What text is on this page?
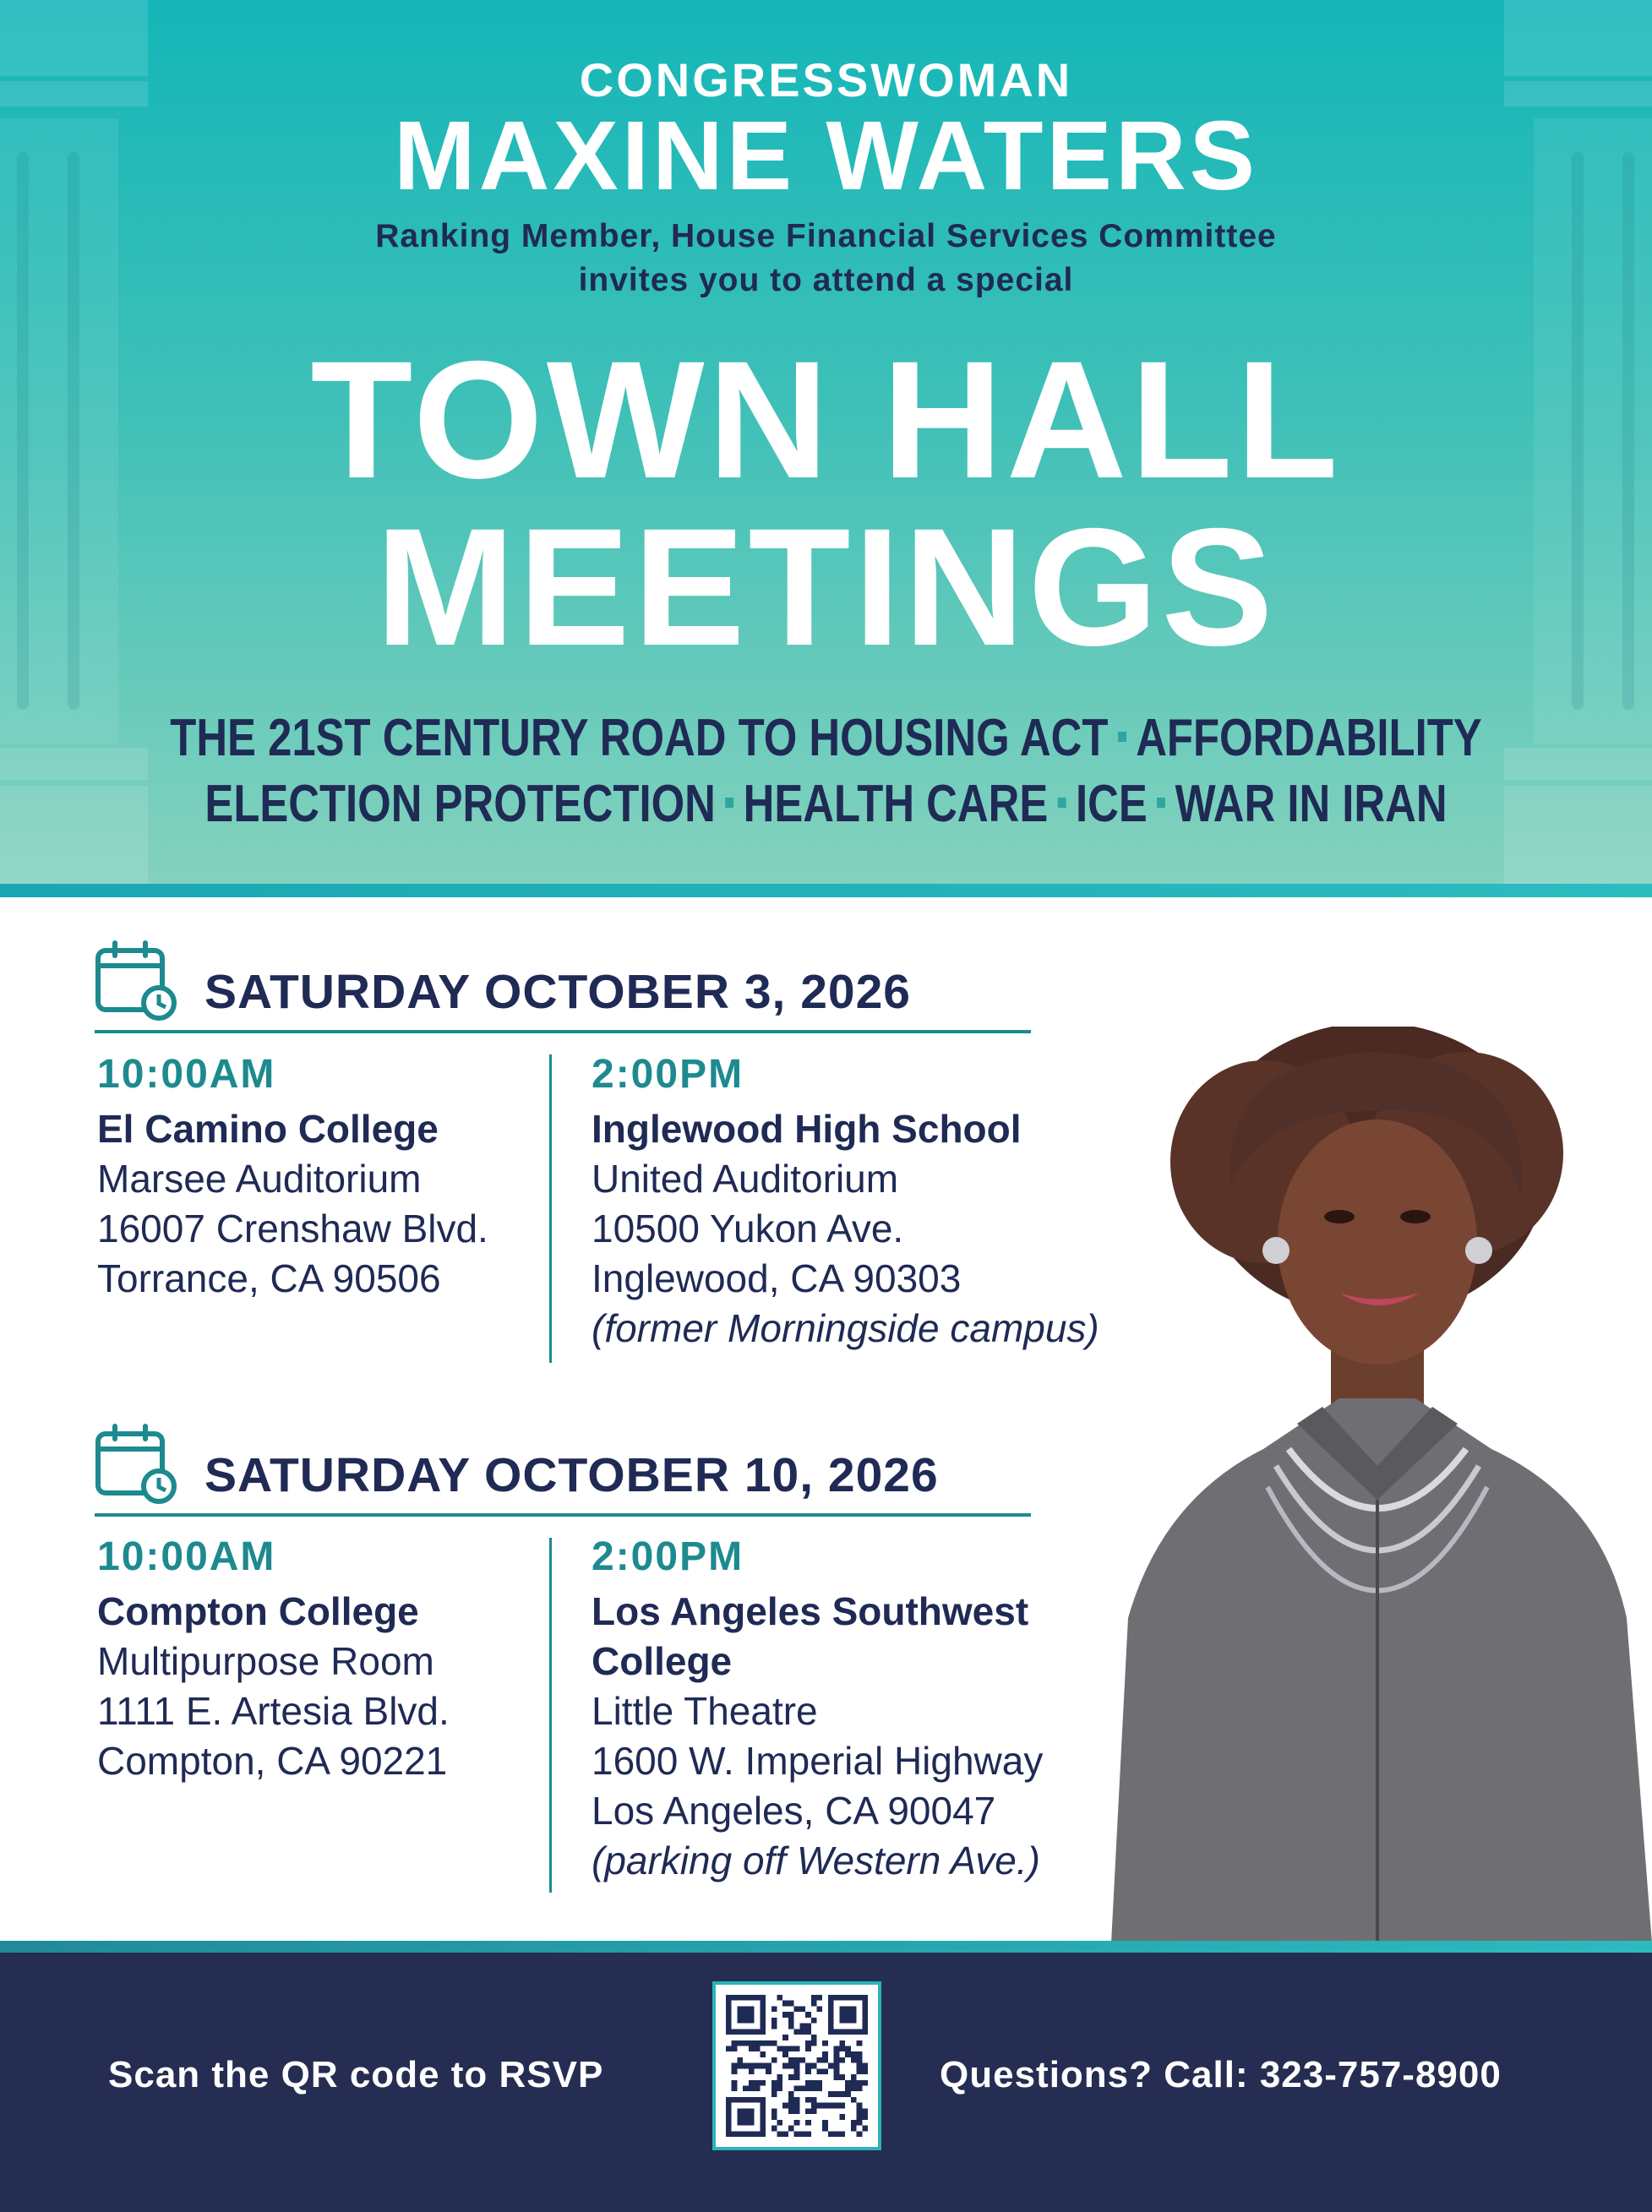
CONGRESSWOMAN
MAXINE WATERS
Ranking Member, House Financial Services Committee
invites you to attend a special
TOWN HALL
MEETINGS
THE 21ST CENTURY ROAD TO HOUSING ACT AFFORDABILITY
ELECTION PROTECTION HEALTH CARE ICE WAR IN IRAN
SATURDAY OCTOBER 3, 2026
10:00AM
El Camino College
Marsee Auditorium
16007 Crenshaw Blvd.
Torrance, CA 90506
2:00PM
Inglewood High School
United Auditorium
10500 Yukon Ave.
Inglewood, CA 90303
(former Morningside campus)
SATURDAY OCTOBER 10, 2026
10:00AM
Compton College
Multipurpose Room
1111 E. Artesia Blvd.
Compton, CA 90221
2:00PM
Los Angeles Southwest
College
Little Theatre
1600 W. Imperial Highway
Los Angeles, CA 90047
(parking off Western Ave.)
Scan the QR code to RSVP	Questions? Call: 323-757-8900
